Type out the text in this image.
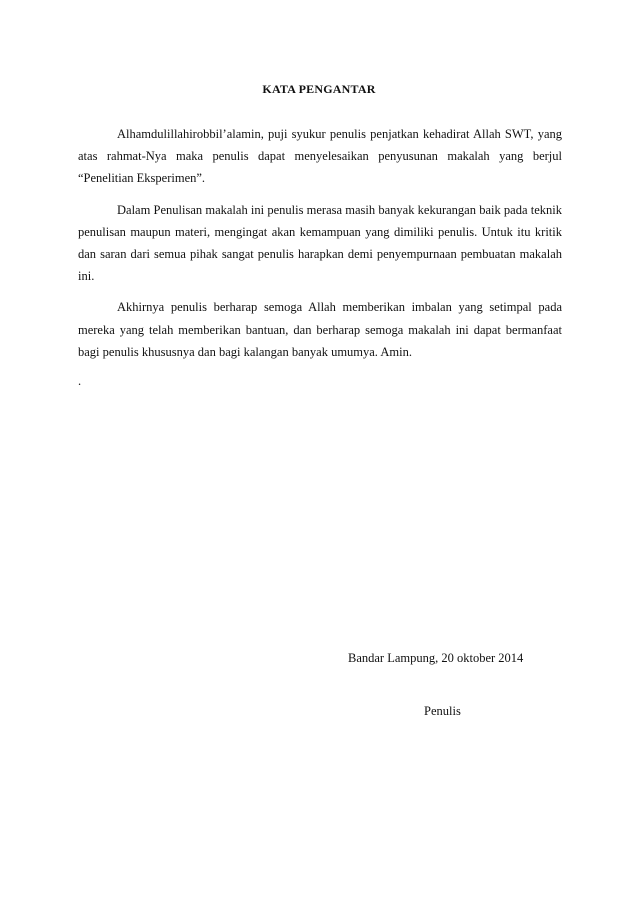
KATA PENGANTAR

Alhamdulillahirobbil’alamin, puji syukur penulis penjatkan kehadirat Allah SWT, yang atas rahmat-Nya maka penulis dapat menyelesaikan penyusunan makalah yang berjul “Penelitian Eksperimen”.

Dalam Penulisan makalah ini penulis merasa masih banyak kekurangan baik pada teknik penulisan maupun materi, mengingat akan kemampuan yang dimiliki penulis. Untuk itu kritik dan saran dari semua pihak sangat penulis harapkan demi penyempurnaan pembuatan makalah ini.

Akhirnya penulis berharap semoga Allah memberikan imbalan yang setimpal pada mereka yang telah memberikan bantuan, dan berharap semoga makalah ini dapat bermanfaat bagi penulis khususnya dan bagi kalangan banyak umumya. Amin.

.

Bandar Lampung, 20 oktober 2014
Penulis
